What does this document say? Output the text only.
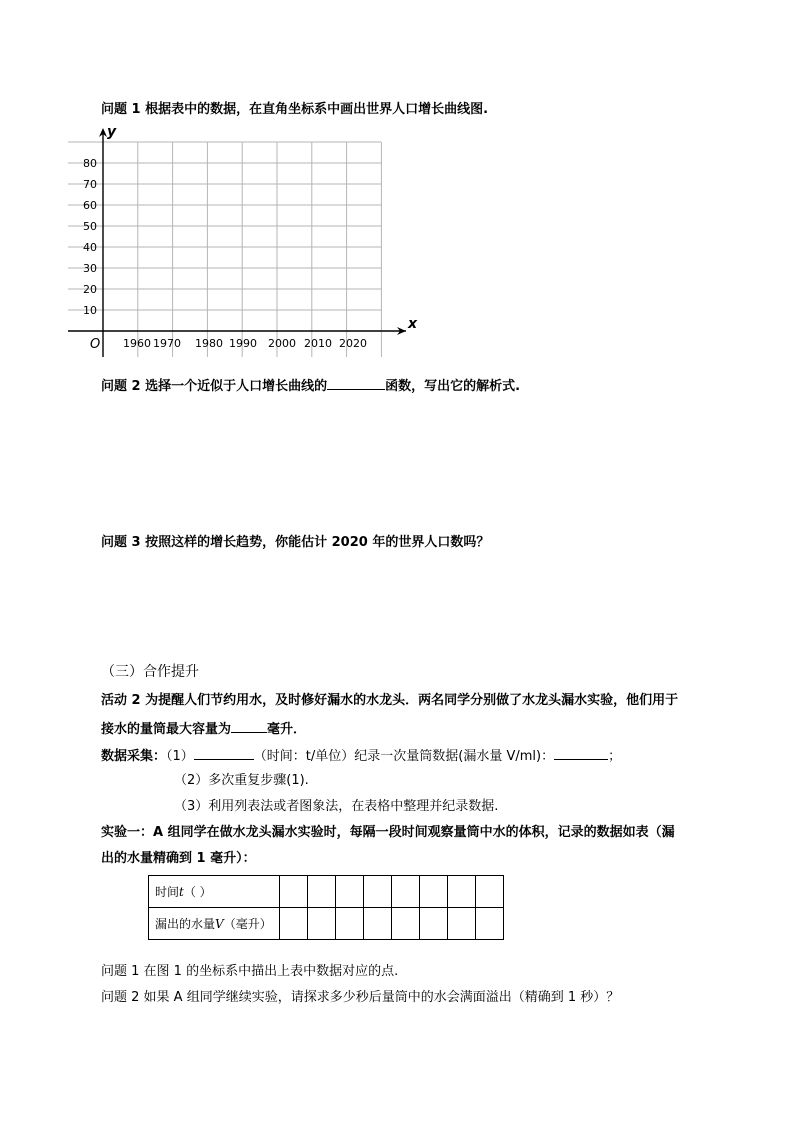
问题 1 根据表中的数据，在直角坐标系中画出世界人口增长曲线图.
10
20
30
40
50
60
70
80
1960 1970 1980 1990 2000 2010 2020
x
y
O
问题 2 选择一个近似于人口增长曲线的	函数，写出它的解析式.
问题 3 按照这样的增长趋势，你能估计 2020 年的世界人口数吗？
（三）合作提升
活动 2 为提醒人们节约用水，及时修好漏水的水龙头．两名同学分别做了水龙头漏水实验，他们用于
接水的量筒最大容量为	毫升．
数据采集：（1）	（时间：t/单位）纪录一次量筒数据(漏水量 V/ml)：	；
（2）多次重复步骤(1).
（3）利用列表法或者图象法，在表格中整理并纪录数据.
实验一：A 组同学在做水龙头漏水实验时，每隔一段时间观察量筒中水的体积，记录的数据如表（漏
出的水量精确到 1 毫升）：
时间t（ ）								
漏出的水量V（毫升）								
问题 1 在图 1 的坐标系中描出上表中数据对应的点.
问题 2 如果 A 组同学继续实验，请探求多少秒后量筒中的水会满面溢出（精确到 1 秒）？
